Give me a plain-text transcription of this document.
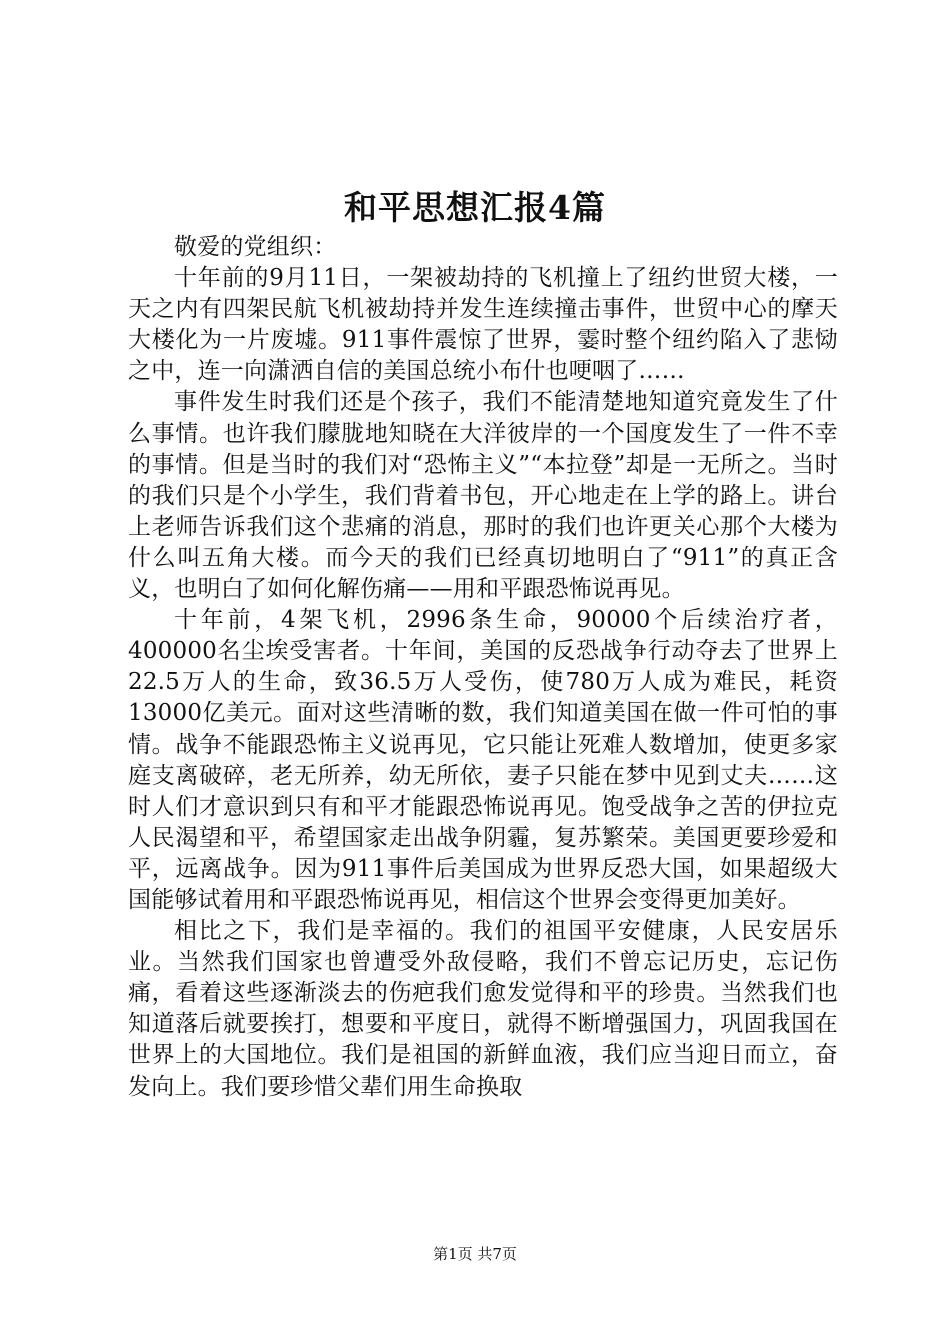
和平思想汇报4篇

敬爱的党组织：

十年前的9月11日，一架被劫持的飞机撞上了纽约世贸大楼，一天之内有四架民航飞机被劫持并发生连续撞击事件，世贸中心的摩天大楼化为一片废墟。911事件震惊了世界，霎时整个纽约陷入了悲恸之中，连一向潇洒自信的美国总统小布什也哽咽了……

事件发生时我们还是个孩子，我们不能清楚地知道究竟发生了什么事情。也许我们朦胧地知晓在大洋彼岸的一个国度发生了一件不幸的事情。但是当时的我们对“恐怖主义”“本拉登”却是一无所之。当时的我们只是个小学生，我们背着书包，开心地走在上学的路上。讲台上老师告诉我们这个悲痛的消息，那时的我们也许更关心那个大楼为什么叫五角大楼。而今天的我们已经真切地明白了“911”的真正含义，也明白了如何化解伤痛——用和平跟恐怖说再见。

十年前，4架飞机，2996条生命，90000个后续治疗者，400000名尘埃受害者。十年间，美国的反恐战争行动夺去了世界上22.5万人的生命，致36.5万人受伤，使780万人成为难民，耗资13000亿美元。面对这些清晰的数，我们知道美国在做一件可怕的事情。战争不能跟恐怖主义说再见，它只能让死难人数增加，使更多家庭支离破碎，老无所养，幼无所依，妻子只能在梦中见到丈夫……这时人们才意识到只有和平才能跟恐怖说再见。饱受战争之苦的伊拉克人民渴望和平，希望国家走出战争阴霾，复苏繁荣。美国更要珍爱和平，远离战争。因为911事件后美国成为世界反恐大国，如果超级大国能够试着用和平跟恐怖说再见，相信这个世界会变得更加美好。

相比之下，我们是幸福的。我们的祖国平安健康，人民安居乐业。当然我们国家也曾遭受外敌侵略，我们不曾忘记历史，忘记伤痛，看着这些逐渐淡去的伤疤我们愈发觉得和平的珍贵。当然我们也知道落后就要挨打，想要和平度日，就得不断增强国力，巩固我国在世界上的大国地位。我们是祖国的新鲜血液，我们应当迎日而立，奋发向上。我们要珍惜父辈们用生命换取

第1页 共7页
